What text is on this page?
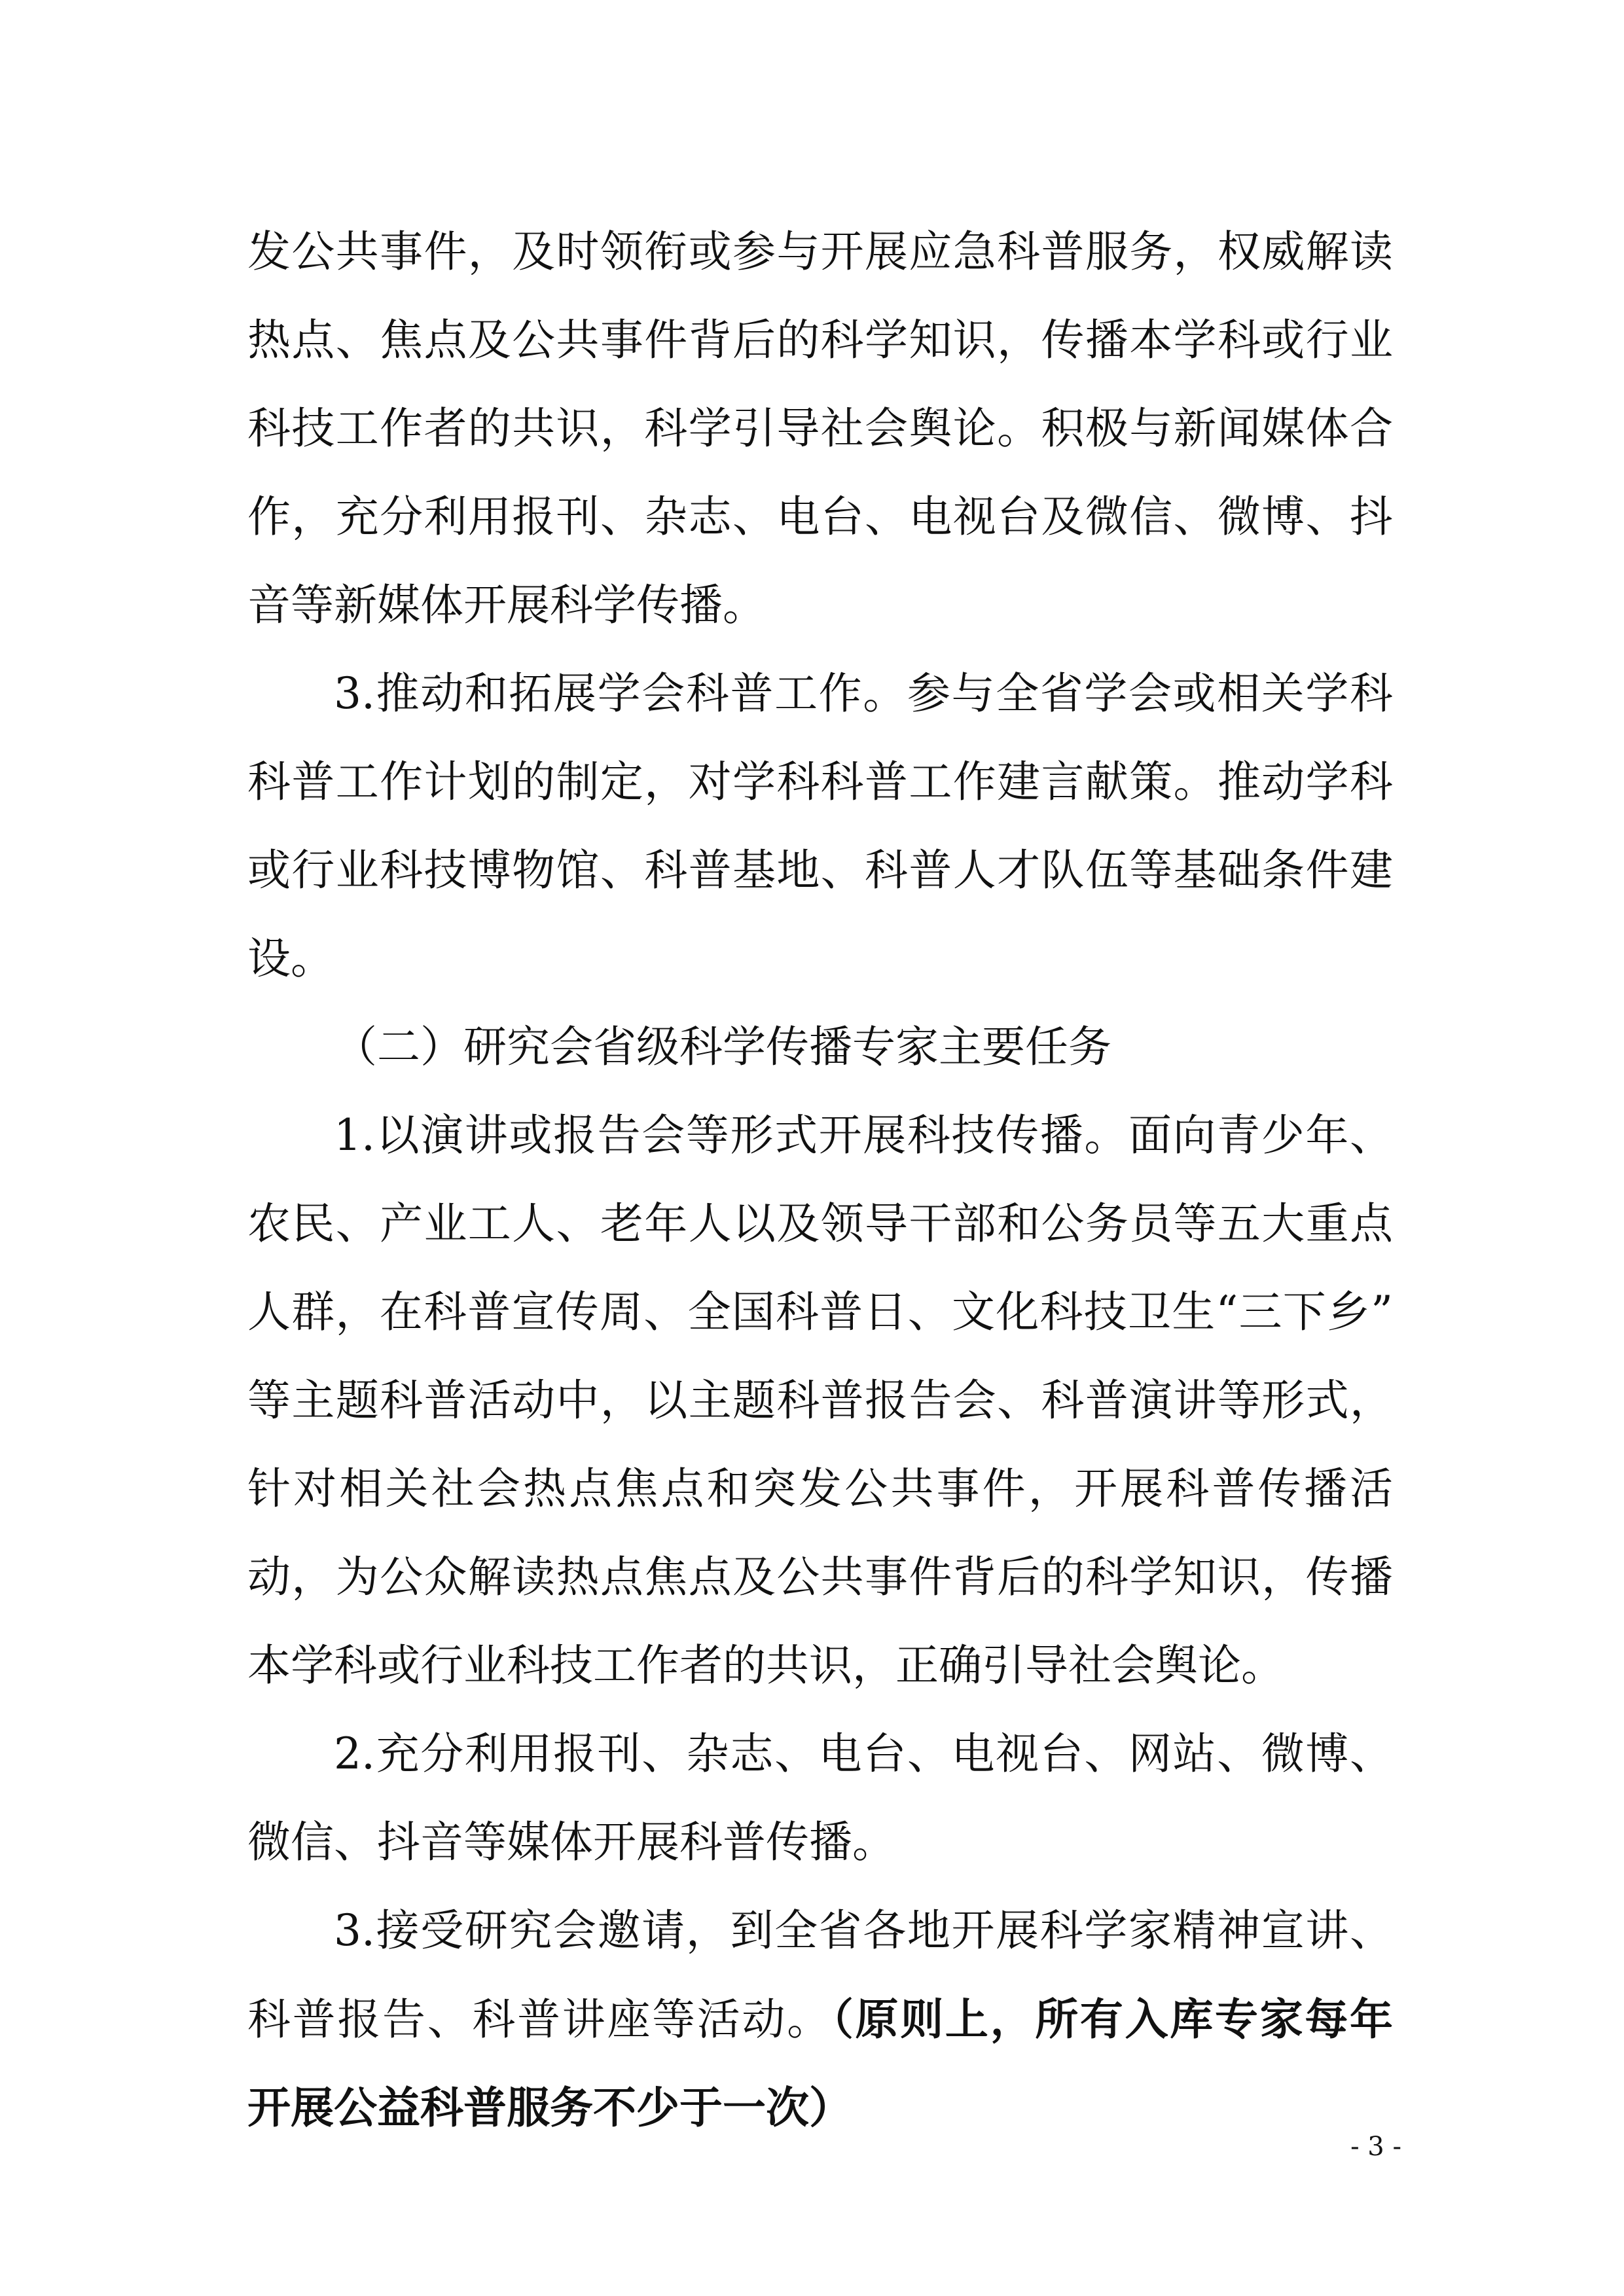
发公共事件，及时领衔或参与开展应急科普服务，权威解读
热点、焦点及公共事件背后的科学知识，传播本学科或行业
科技工作者的共识，科学引导社会舆论。积极与新闻媒体合
作，充分利用报刊、杂志、电台、电视台及微信、微博、抖
音等新媒体开展科学传播。
3.推动和拓展学会科普工作。参与全省学会或相关学科
科普工作计划的制定，对学科科普工作建言献策。推动学科
或行业科技博物馆、科普基地、科普人才队伍等基础条件建
设。
（二）研究会省级科学传播专家主要任务
1.以演讲或报告会等形式开展科技传播。面向青少年、
农民、产业工人、老年人以及领导干部和公务员等五大重点
人群，在科普宣传周、全国科普日、文化科技卫生“三下乡”
等主题科普活动中，以主题科普报告会、科普演讲等形式，
针对相关社会热点焦点和突发公共事件，开展科普传播活
动，为公众解读热点焦点及公共事件背后的科学知识，传播
本学科或行业科技工作者的共识，正确引导社会舆论。
2.充分利用报刊、杂志、电台、电视台、网站、微博、
微信、抖音等媒体开展科普传播。
3.接受研究会邀请，到全省各地开展科学家精神宣讲、
科普报告、科普讲座等活动。（原则上，所有入库专家每年
开展公益科普服务不少于一次）
- 3 -
